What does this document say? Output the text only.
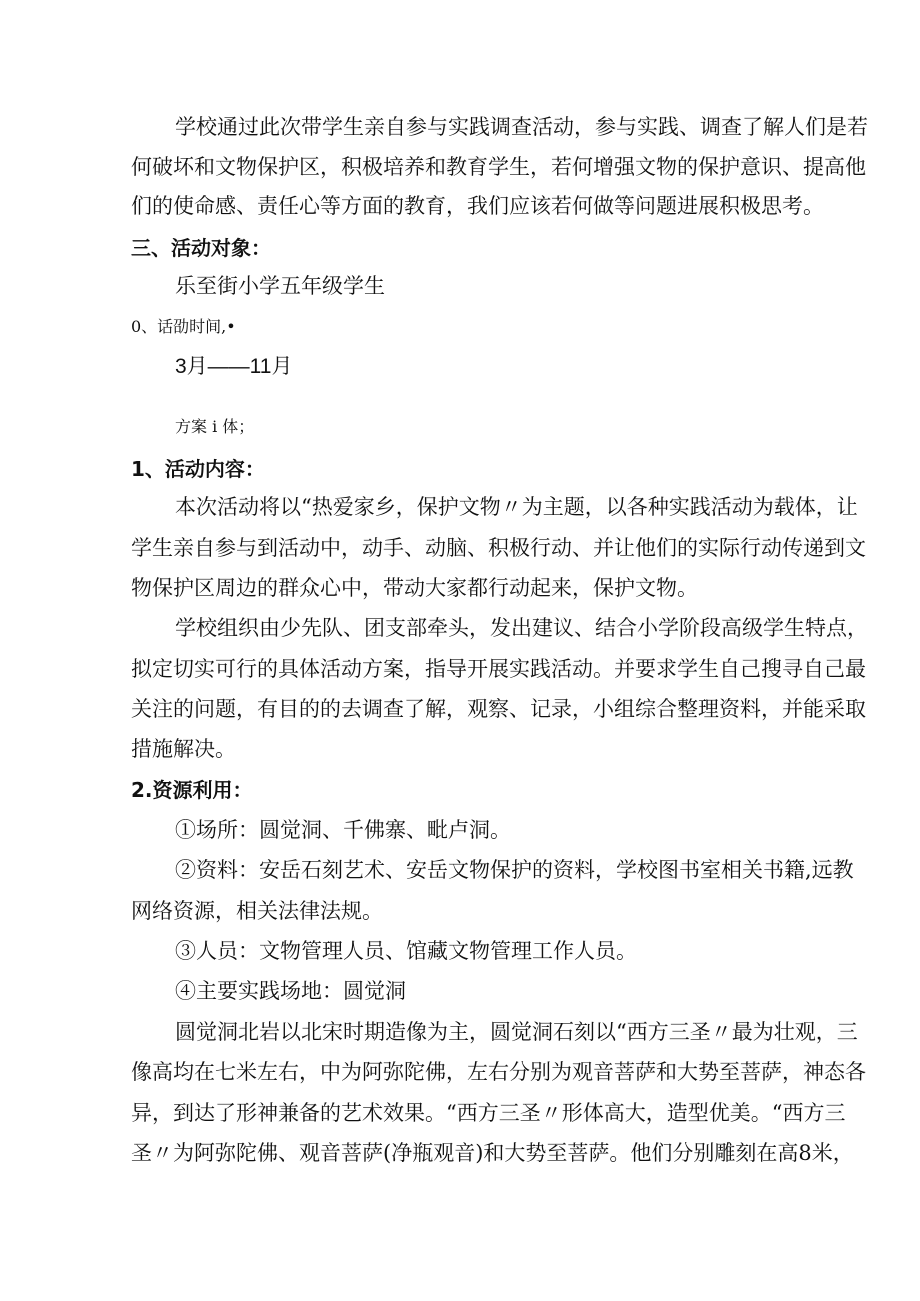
学校通过此次带学生亲自参与实践调查活动，参与实践、调查了解人们是若
何破坏和文物保护区，积极培养和教育学生，若何增强文物的保护意识、提高他
们的使命感、责任心等方面的教育，我们应该若何做等问题进展积极思考。
三、活动对象：
乐至街小学五年级学生
0、话劭时间,•
3月——11月
方案 i 体；
1、活动内容：
本次活动将以“热爱家乡，保护文物〃为主题，以各种实践活动为载体，让
学生亲自参与到活动中，动手、动脑、积极行动、并让他们的实际行动传递到文
物保护区周边的群众心中，带动大家都行动起来，保护文物。
学校组织由少先队、团支部牵头，发出建议、结合小学阶段高级学生特点，
拟定切实可行的具体活动方案，指导开展实践活动。并要求学生自己搜寻自己最
关注的问题，有目的的去调查了解，观察、记录，小组综合整理资料，并能采取
措施解决。
2.资源利用：
①场所：圆觉洞、千佛寨、毗卢洞。
②资料：安岳石刻艺术、安岳文物保护的资料，学校图书室相关书籍,远教
网络资源，相关法律法规。
③人员：文物管理人员、馆藏文物管理工作人员。
④主要实践场地：圆觉洞
圆觉洞北岩以北宋时期造像为主，圆觉洞石刻以“西方三圣〃最为壮观，三
像高均在七米左右，中为阿弥陀佛，左右分别为观音菩萨和大势至菩萨，神态各
异，到达了形神兼备的艺术效果。“西方三圣〃形体高大，造型优美。“西方三
圣〃为阿弥陀佛、观音菩萨(净瓶观音)和大势至菩萨。他们分别雕刻在高8米，
